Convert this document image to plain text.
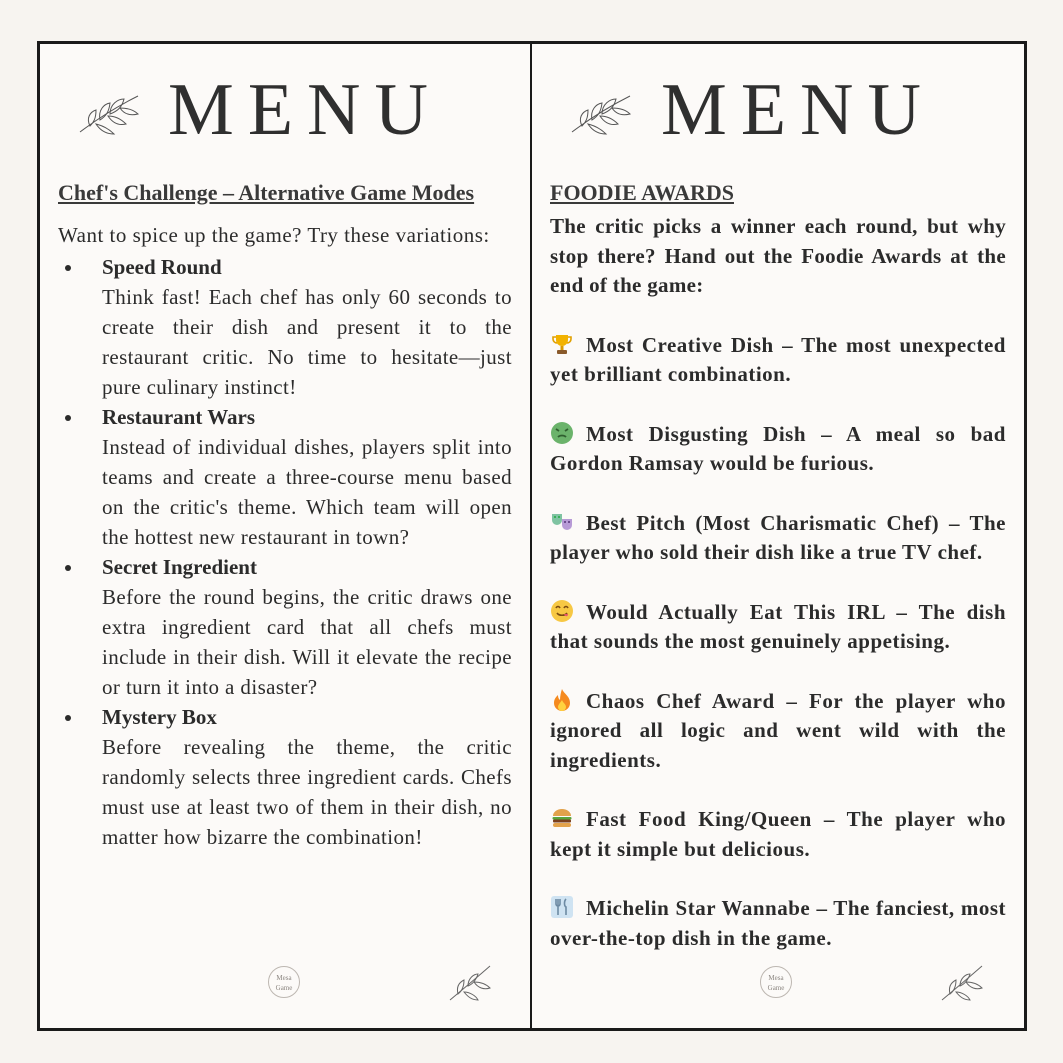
MENU
Chef's Challenge – Alternative Game Modes
Want to spice up the game? Try these variations:
• Speed Round
Think fast! Each chef has only 60 seconds to create their dish and present it to the restaurant critic. No time to hesitate—just pure culinary instinct!
• Restaurant Wars
Instead of individual dishes, players split into teams and create a three-course menu based on the critic's theme. Which team will open the hottest new restaurant in town?
• Secret Ingredient
Before the round begins, the critic draws one extra ingredient card that all chefs must include in their dish. Will it elevate the recipe or turn it into a disaster?
• Mystery Box
Before revealing the theme, the critic randomly selects three ingredient cards. Chefs must use at least two of them in their dish, no matter how bizarre the combination!
Mesa Game
MENU
FOODIE AWARDS
The critic picks a winner each round, but why stop there? Hand out the Foodie Awards at the end of the game:
Most Creative Dish – The most unexpected yet brilliant combination.
Most Disgusting Dish – A meal so bad Gordon Ramsay would be furious.
Best Pitch (Most Charismatic Chef) – The player who sold their dish like a true TV chef.
Would Actually Eat This IRL – The dish that sounds the most genuinely appetising.
Chaos Chef Award – For the player who ignored all logic and went wild with the ingredients.
Fast Food King/Queen – The player who kept it simple but delicious.
Michelin Star Wannabe – The fanciest, most over-the-top dish in the game.
Mesa Game
